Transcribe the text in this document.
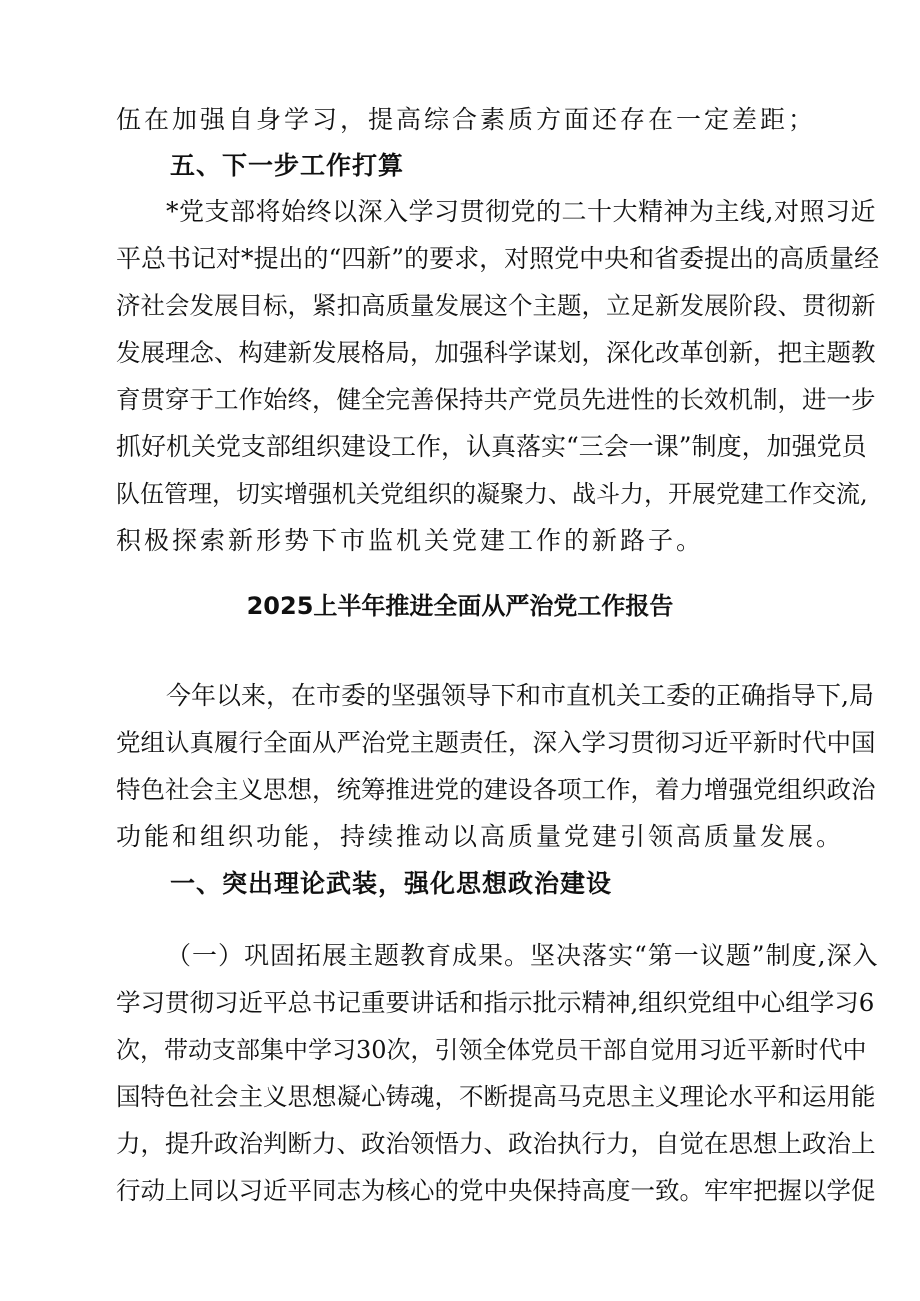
伍在加强自身学习，提高综合素质方面还存在一定差距；
五、下一步工作打算
*党支部将始终以深入学习贯彻党的二十大精神为主线,对照习近
平总书记对*提出的“四新”的要求，对照党中央和省委提出的高质量经
济社会发展目标，紧扣高质量发展这个主题，立足新发展阶段、贯彻新
发展理念、构建新发展格局，加强科学谋划，深化改革创新，把主题教
育贯穿于工作始终，健全完善保持共产党员先进性的长效机制，进一步
抓好机关党支部组织建设工作，认真落实“三会一课”制度，加强党员
队伍管理，切实增强机关党组织的凝聚力、战斗力，开展党建工作交流,
积极探索新形势下市监机关党建工作的新路子。
2025上半年推进全面从严治党工作报告
今年以来，在市委的坚强领导下和市直机关工委的正确指导下,局
党组认真履行全面从严治党主题责任，深入学习贯彻习近平新时代中国
特色社会主义思想，统筹推进党的建设各项工作，着力增强党组织政治
功能和组织功能，持续推动以高质量党建引领高质量发展。
一、突出理论武装，强化思想政治建设
（一）巩固拓展主题教育成果。坚决落实“第一议题”制度,深入
学习贯彻习近平总书记重要讲话和指示批示精神,组织党组中心组学习6
次，带动支部集中学习30次，引领全体党员干部自觉用习近平新时代中
国特色社会主义思想凝心铸魂，不断提高马克思主义理论水平和运用能
力，提升政治判断力、政治领悟力、政治执行力，自觉在思想上政治上
行动上同以习近平同志为核心的党中央保持高度一致。牢牢把握以学促
